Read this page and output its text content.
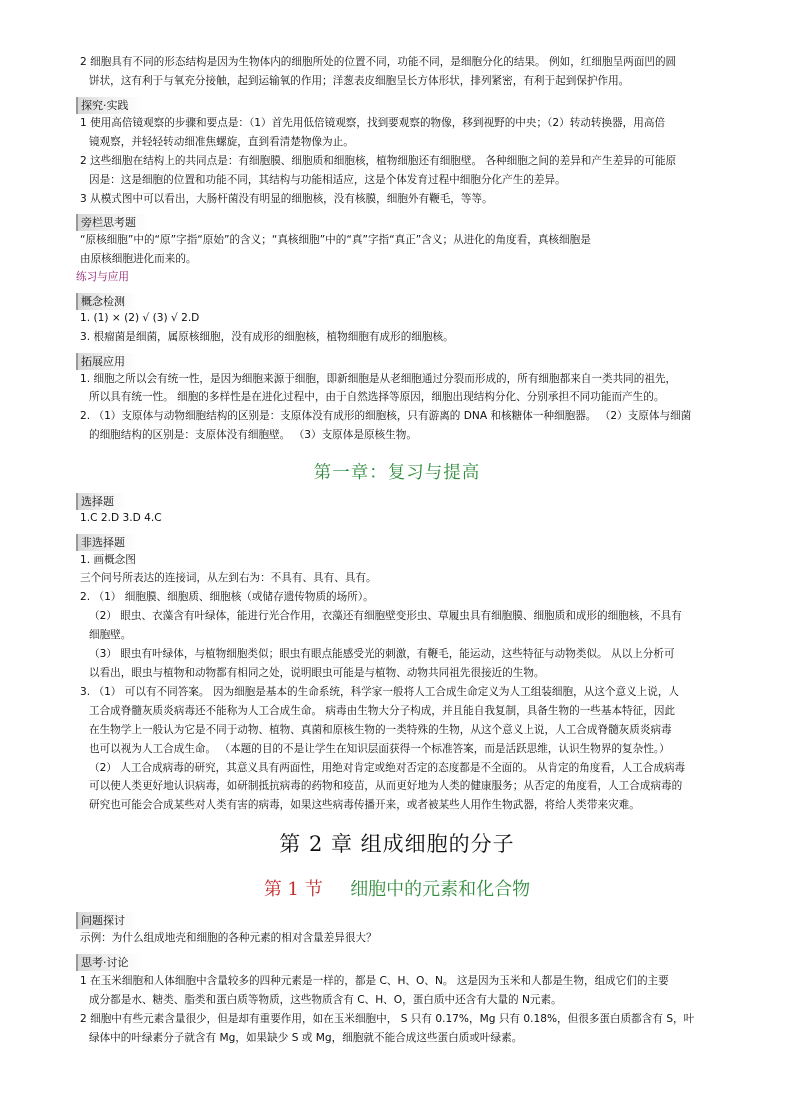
2 细胞具有不同的形态结构是因为生物体内的细胞所处的位置不同，功能不同，是细胞分化的结果。 例如，红细胞呈两面凹的圆

饼状，这有利于与氧充分接触，起到运输氧的作用；洋葱表皮细胞呈长方体形状，排列紧密，有利于起到保护作用。

探究·实践

1 使用高倍镜观察的步骤和要点是：（1）首先用低倍镜观察，找到要观察的物像，移到视野的中央；（2）转动转换器，用高倍

镜观察，并轻轻转动细准焦螺旋，直到看清楚物像为止。

2 这些细胞在结构上的共同点是：有细胞膜、细胞质和细胞核，植物细胞还有细胞壁。 各种细胞之间的差异和产生差异的可能原

因是：这是细胞的位置和功能不同，其结构与功能相适应，这是个体发育过程中细胞分化产生的差异。

3 从模式图中可以看出，大肠杆菌没有明显的细胞核，没有核膜，细胞外有鞭毛，等等。

旁栏思考题

“原核细胞”中的“原”字指“原始”的含义；“真核细胞”中的“真”字指“真正”含义；从进化的角度看，真核细胞是

由原核细胞进化而来的。

练习与应用

概念检测

1. (1) × (2) √ (3) √ 2.D

3. 根瘤菌是细菌，属原核细胞，没有成形的细胞核，植物细胞有成形的细胞核。

拓展应用

1. 细胞之所以会有统一性，是因为细胞来源于细胞，即新细胞是从老细胞通过分裂而形成的，所有细胞都来自一类共同的祖先，

所以具有统一性。 细胞的多样性是在进化过程中，由于自然选择等原因，细胞出现结构分化、分别承担不同功能而产生的。

2. （1）支原体与动物细胞结构的区别是：支原体没有成形的细胞核，只有游离的 DNA 和核糖体一种细胞器。 （2）支原体与细菌

的细胞结构的区别是：支原体没有细胞壁。 （3）支原体是原核生物。

第一章：复习与提高
选择题

1.C 2.D 3.D 4.C

非选择题

1. 画概念图

三个问号所表达的连接词，从左到右为：不具有、具有、具有。

2. （1） 细胞膜、细胞质、细胞核（或储存遗传物质的场所）。

（2） 眼虫、衣藻含有叶绿体，能进行光合作用，衣藻还有细胞壁变形虫、草履虫具有细胞膜、细胞质和成形的细胞核，不具有

细胞壁。

（3） 眼虫有叶绿体，与植物细胞类似；眼虫有眼点能感受光的刺激，有鞭毛，能运动，这些特征与动物类似。 从以上分析可

以看出，眼虫与植物和动物都有相同之处，说明眼虫可能是与植物、动物共同祖先很接近的生物。

3. （1） 可以有不同答案。 因为细胞是基本的生命系统，科学家一般将人工合成生命定义为人工组装细胞，从这个意义上说，人

工合成脊髓灰质炎病毒还不能称为人工合成生命。 病毒由生物大分子构成，并且能自我复制，具备生物的一些基本特征，因此

在生物学上一般认为它是不同于动物、植物、真菌和原核生物的一类特殊的生物，从这个意义上说，人工合成脊髓灰质炎病毒

也可以视为人工合成生命。 （本题的目的不是让学生在知识层面获得一个标准答案，而是活跃思维，认识生物界的复杂性。）

（2） 人工合成病毒的研究，其意义具有两面性，用绝对肯定或绝对否定的态度都是不全面的。 从肯定的角度看，人工合成病毒

可以使人类更好地认识病毒，如研制抵抗病毒的药物和疫苗，从而更好地为人类的健康服务；从否定的角度看，人工合成病毒的

研究也可能会合成某些对人类有害的病毒，如果这些病毒传播开来，或者被某些人用作生物武器，将给人类带来灾难。

第 2 章 组成细胞的分子
第 1 节 细胞中的元素和化合物
问题探讨

示例：为什么组成地壳和细胞的各种元素的相对含量差异很大？

思考·讨论

1 在玉米细胞和人体细胞中含量较多的四种元素是一样的，都是 C、H、O、N。 这是因为玉米和人都是生物，组成它们的主要

成分都是水、糖类、脂类和蛋白质等物质，这些物质含有 C、H、O，蛋白质中还含有大量的 N元素。

2 细胞中有些元素含量很少，但是却有重要作用，如在玉米细胞中， S 只有 0.17%，Mg 只有 0.18%，但很多蛋白质都含有 S，叶

绿体中的叶绿素分子就含有 Mg，如果缺少 S 或 Mg，细胞就不能合成这些蛋白质或叶绿素。
